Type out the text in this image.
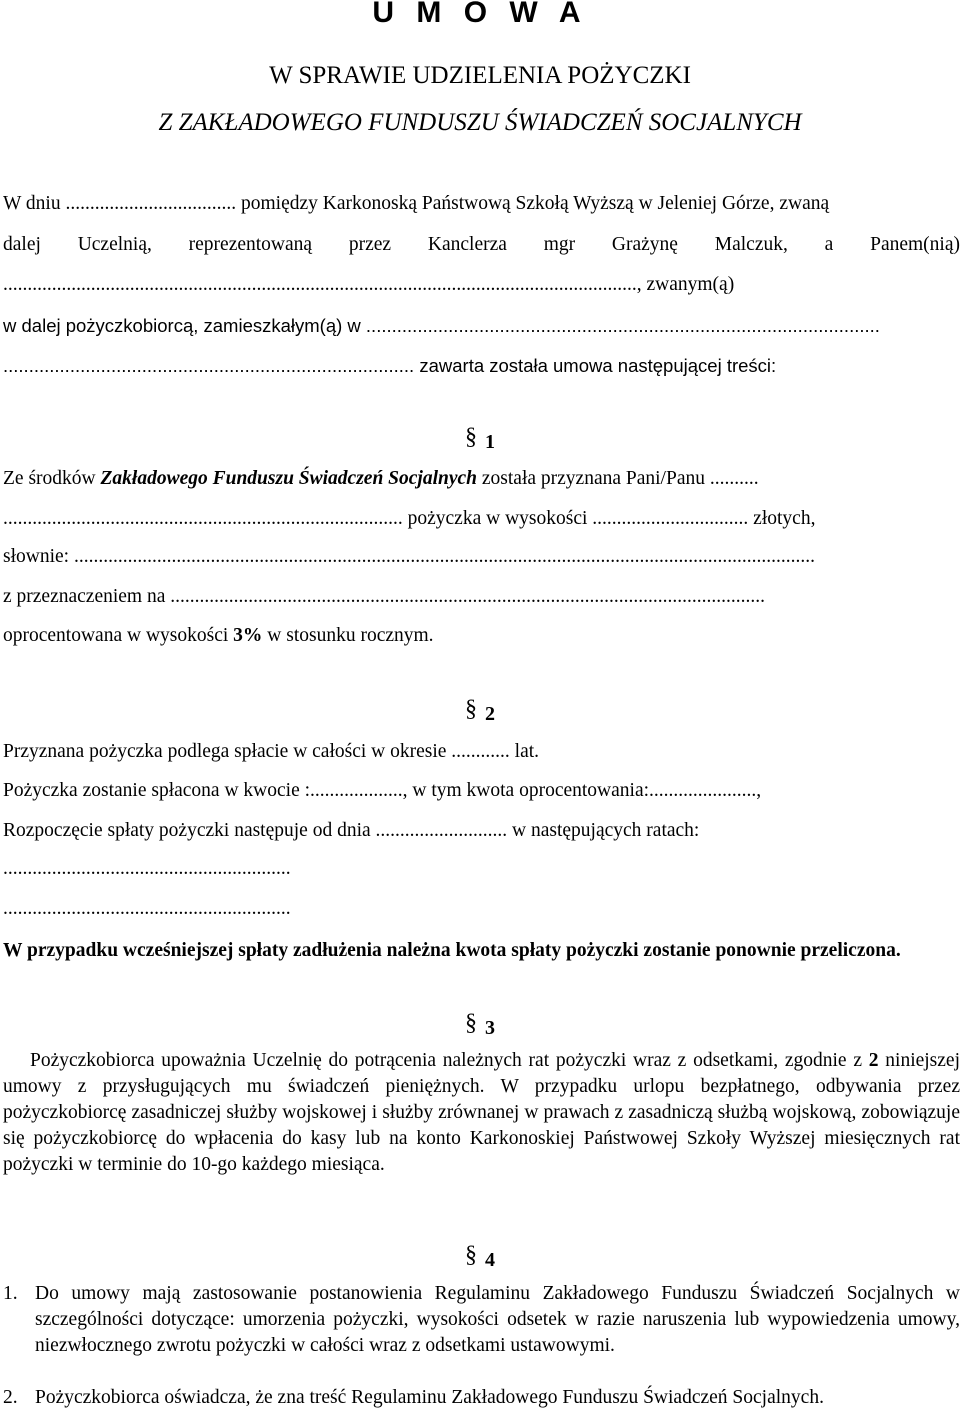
U M O W A
W SPRAWIE UDZIELENIA POŻYCZKI
Z ZAKŁADOWEGO FUNDUSZU ŚWIADCZEŃ SOCJALNYCH
W dniu ................................... pomiędzy Karkonoską Państwową Szkołą Wyższą w Jeleniej Górze, zwaną
dalej Uczelnią, reprezentowaną przez Kanclerza mgr Grażynę Malczuk, a Panem(nią)
.................................................................................................................................., zwanym(ą)
w dalej pożyczkobiorcą, zamieszkałym(ą) w ....................................................................................................
................................................................................ zawarta została umowa następującej treści:
§ 1
Ze środków Zakładowego Funduszu Świadczeń Socjalnych została przyznana Pani/Panu ..........
.................................................................................. pożyczka w wysokości ................................ złotych,
słownie: ........................................................................................................................................................
z przeznaczeniem na ..........................................................................................................................
oprocentowana w wysokości 3% w stosunku rocznym.
§ 2
Przyznana pożyczka podlega spłacie w całości w okresie ............ lat.
Pożyczka zostanie spłacona w kwocie :..................., w tym kwota oprocentowania:......................,
Rozpoczęcie spłaty pożyczki następuje od dnia ........................... w następujących ratach:
...........................................................
...........................................................
W przypadku wcześniejszej spłaty zadłużenia należna kwota spłaty pożyczki zostanie ponownie przeliczona.
§ 3
Pożyczkobiorca upoważnia Uczelnię do potrącenia należnych rat pożyczki wraz z odsetkami, zgodnie z 2 niniejszej umowy z przysługujących mu świadczeń pieniężnych. W przypadku urlopu bezpłatnego, odbywania przez pożyczkobiorcę zasadniczej służby wojskowej i służby zrównanej w prawach z zasadniczą służbą wojskową, zobowiązuje się pożyczkobiorcę do wpłacenia do kasy lub na konto Karkonoskiej Państwowej Szkoły Wyższej miesięcznych rat pożyczki w terminie do 10-go każdego miesiąca.
§ 4
1. Do umowy mają zastosowanie postanowienia Regulaminu Zakładowego Funduszu Świadczeń Socjalnych w szczególności dotyczące: umorzenia pożyczki, wysokości odsetek w razie naruszenia lub wypowiedzenia umowy, niezwłocznego zwrotu pożyczki w całości wraz z odsetkami ustawowymi.
2. Pożyczkobiorca oświadcza, że zna treść Regulaminu Zakładowego Funduszu Świadczeń Socjalnych.
